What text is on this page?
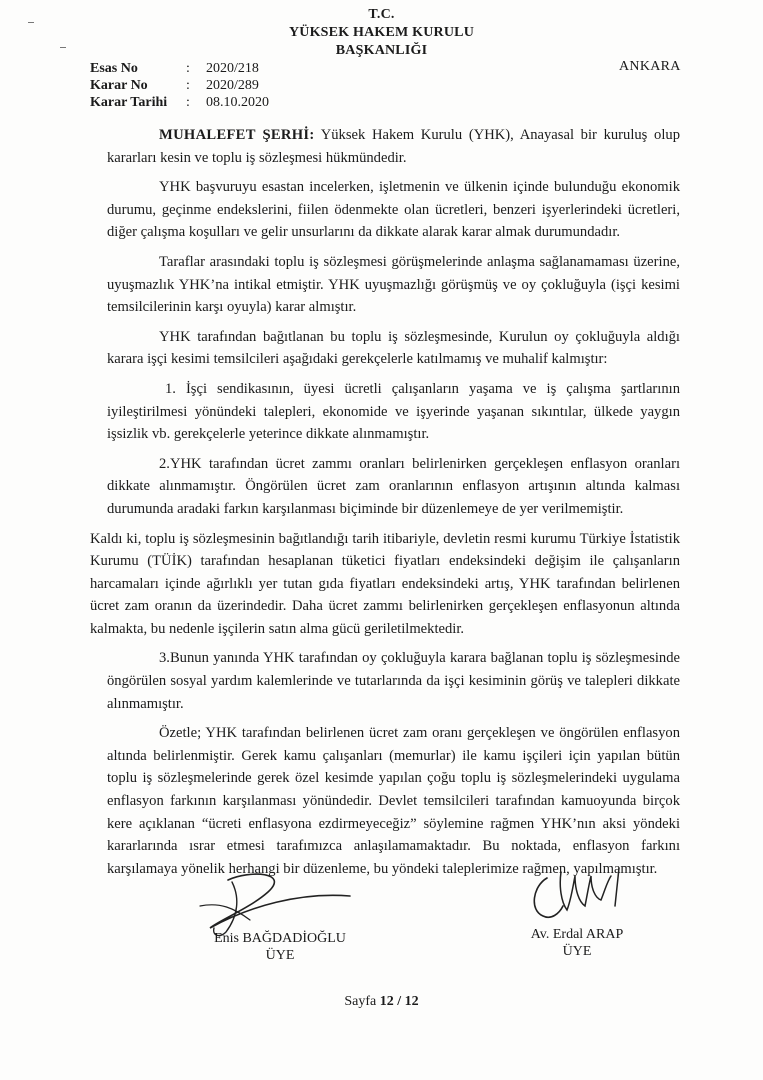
T.C.
YÜKSEK HAKEM KURULU
BAŞKANLIĞI
ANKARA
Esas No	: 2020/218
Karar No	: 2020/289
Karar Tarihi : 08.10.2020

MUHALEFET ŞERHİ: Yüksek Hakem Kurulu (YHK), Anayasal bir kuruluş olup kararları kesin ve toplu iş sözleşmesi hükmündedir.

YHK başvuruyu esastan incelerken, işletmenin ve ülkenin içinde bulunduğu ekonomik durumu, geçinme endekslerini, fiilen ödenmekte olan ücretleri, benzeri işyerlerindeki ücretleri, diğer çalışma koşulları ve gelir unsurlarını da dikkate alarak karar almak durumundadır.

Taraflar arasındaki toplu iş sözleşmesi görüşmelerinde anlaşma sağlanamaması üzerine, uyuşmazlık YHK’na intikal etmiştir. YHK uyuşmazlığı görüşmüş ve oy çokluğuyla (işçi kesimi temsilcilerinin karşı oyuyla) karar almıştır.

YHK tarafından bağıtlanan bu toplu iş sözleşmesinde, Kurulun oy çokluğuyla aldığı karara işçi kesimi temsilcileri aşağıdaki gerekçelerle katılmamış ve muhalif kalmıştır:

1. İşçi sendikasının, üyesi ücretli çalışanların yaşama ve iş çalışma şartlarının iyileştirilmesi yönündeki talepleri, ekonomide ve işyerinde yaşanan sıkıntılar, ülkede yaygın işsizlik vb. gerekçelerle yeterince dikkate alınmamıştır.

2.YHK tarafından ücret zammı oranları belirlenirken gerçekleşen enflasyon oranları dikkate alınmamıştır. Öngörülen ücret zam oranlarının enflasyon artışının altında kalması durumunda aradaki farkın karşılanması biçiminde bir düzenlemeye de yer verilmemiştir.

Kaldı ki, toplu iş sözleşmesinin bağıtlandığı tarih itibariyle, devletin resmi kurumu Türkiye İstatistik Kurumu (TÜİK) tarafından hesaplanan tüketici fiyatları endeksindeki değişim ile çalışanların harcamaları içinde ağırlıklı yer tutan gıda fiyatları endeksindeki artış, YHK tarafından belirlenen ücret zam oranın da üzerindedir. Daha ücret zammı belirlenirken gerçekleşen enflasyonun altında kalmakta, bu nedenle işçilerin satın alma gücü geriletilmektedir.

3.Bunun yanında YHK tarafından oy çokluğuyla karara bağlanan toplu iş sözleşmesinde öngörülen sosyal yardım kalemlerinde ve tutarlarında da işçi kesiminin görüş ve talepleri dikkate alınmamıştır.

Özetle; YHK tarafından belirlenen ücret zam oranı gerçekleşen ve öngörülen enflasyon altında belirlenmiştir. Gerek kamu çalışanları (memurlar) ile kamu işçileri için yapılan bütün toplu iş sözleşmelerinde gerek özel kesimde yapılan çoğu toplu iş sözleşmelerindeki uygulama enflasyon farkının karşılanması yönündedir. Devlet temsilcileri tarafından kamuoyunda birçok kere açıklanan “ücreti enflasyona ezdirmeyeceğiz” söylemine rağmen YHK’nın aksi yöndeki kararlarında ısrar etmesi tarafımızca anlaşılamamaktadır. Bu noktada, enflasyon farkını karşılamaya yönelik herhangi bir düzenleme, bu yöndeki taleplerimize rağmen, yapılmamıştır.

Enis BAĞDADİOĞLU
ÜYE
Av. Erdal ARAP
ÜYE
Sayfa 12 / 12
